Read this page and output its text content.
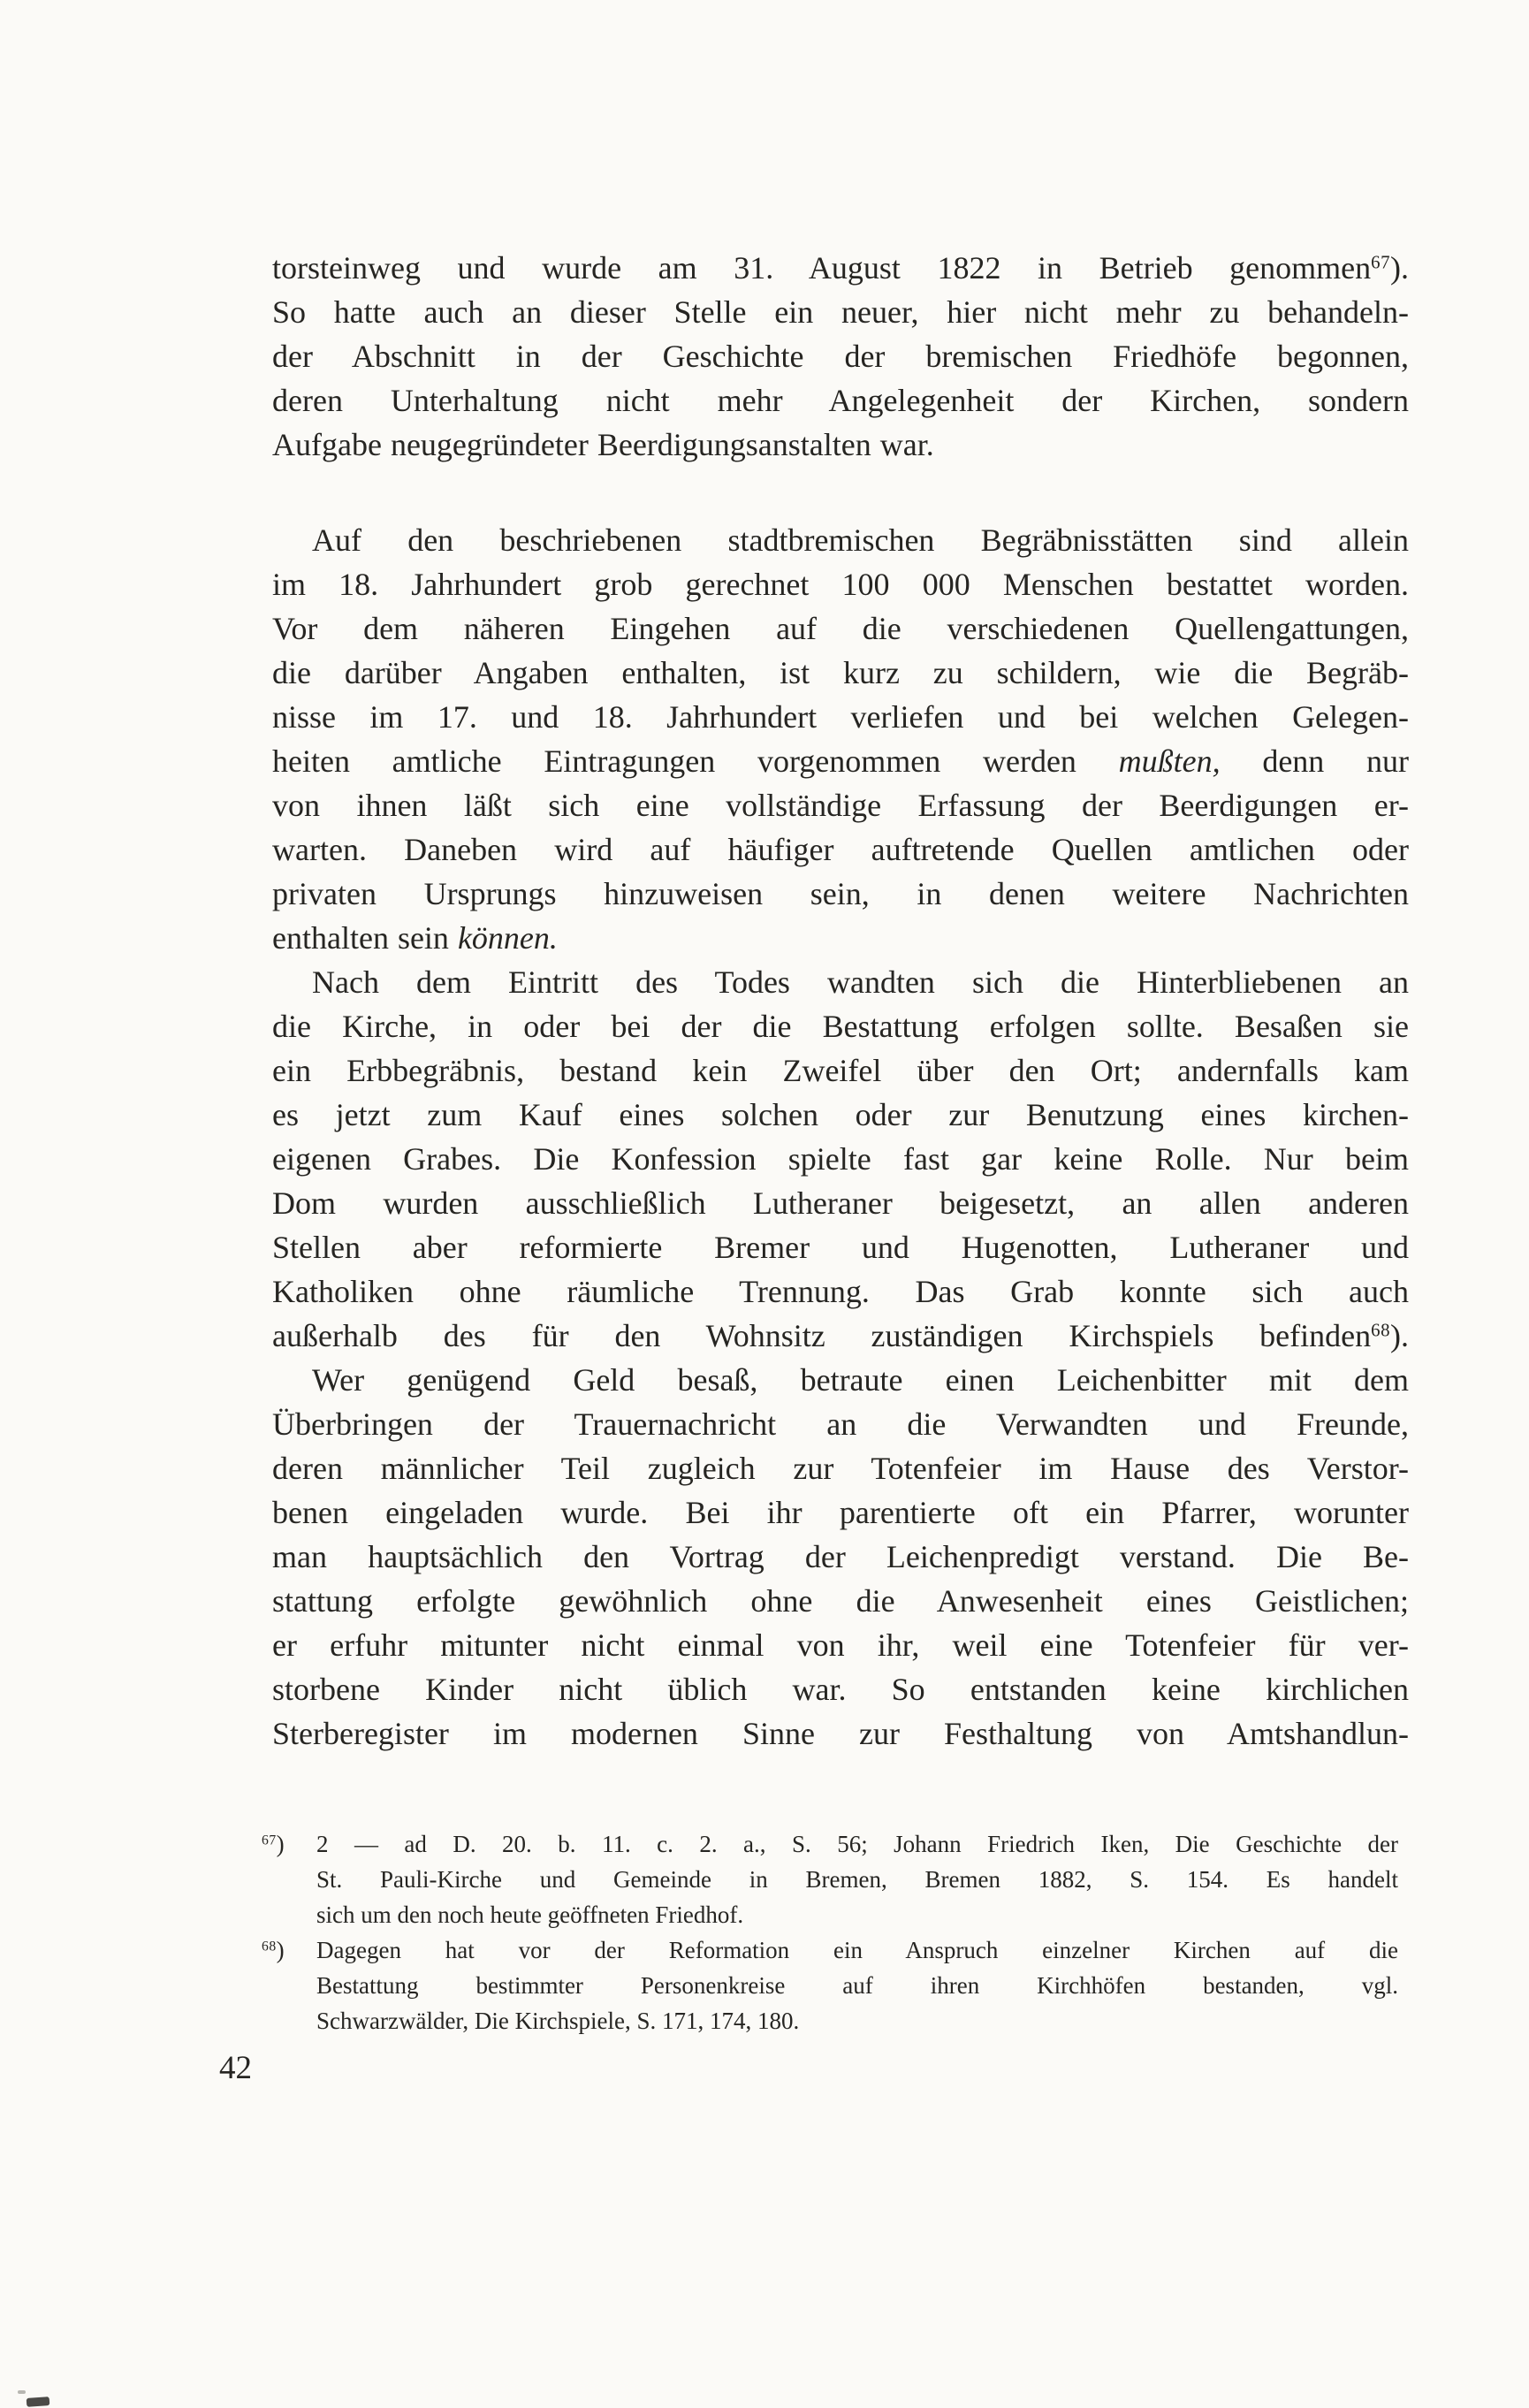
torsteinweg und wurde am 31. August 1822 in Betrieb genommen$^{67}$).
So hatte auch an dieser Stelle ein neuer, hier nicht mehr zu behandeln-
der Abschnitt in der Geschichte der bremischen Friedhöfe begonnen,
deren Unterhaltung nicht mehr Angelegenheit der Kirchen, sondern
Aufgabe neugegründeter Beerdigungsanstalten war.
Auf den beschriebenen stadtbremischen Begräbnisstätten sind allein
im 18. Jahrhundert grob gerechnet 100 000 Menschen bestattet worden.
Vor dem näheren Eingehen auf die verschiedenen Quellengattungen,
die darüber Angaben enthalten, ist kurz zu schildern, wie die Begräb-
nisse im 17. und 18. Jahrhundert verliefen und bei welchen Gelegen-
heiten amtliche Eintragungen vorgenommen werden mußten, denn nur
von ihnen läßt sich eine vollständige Erfassung der Beerdigungen er-
warten. Daneben wird auf häufiger auftretende Quellen amtlichen oder
privaten Ursprungs hinzuweisen sein, in denen weitere Nachrichten
enthalten sein können.
Nach dem Eintritt des Todes wandten sich die Hinterbliebenen an
die Kirche, in oder bei der die Bestattung erfolgen sollte. Besaßen sie
ein Erbbegräbnis, bestand kein Zweifel über den Ort; andernfalls kam
es jetzt zum Kauf eines solchen oder zur Benutzung eines kirchen-
eigenen Grabes. Die Konfession spielte fast gar keine Rolle. Nur beim
Dom wurden ausschließlich Lutheraner beigesetzt, an allen anderen
Stellen aber reformierte Bremer und Hugenotten, Lutheraner und
Katholiken ohne räumliche Trennung. Das Grab konnte sich auch
außerhalb des für den Wohnsitz zuständigen Kirchspiels befinden$^{68}$).
Wer genügend Geld besaß, betraute einen Leichenbitter mit dem
Überbringen der Trauernachricht an die Verwandten und Freunde,
deren männlicher Teil zugleich zur Totenfeier im Hause des Verstor-
benen eingeladen wurde. Bei ihr parentierte oft ein Pfarrer, worunter
man hauptsächlich den Vortrag der Leichenpredigt verstand. Die Be-
stattung erfolgte gewöhnlich ohne die Anwesenheit eines Geistlichen;
er erfuhr mitunter nicht einmal von ihr, weil eine Totenfeier für ver-
storbene Kinder nicht üblich war. So entstanden keine kirchlichen
Sterberegister im modernen Sinne zur Festhaltung von Amtshandlun-
$^{67}$) 2 — ad D. 20. b. 11. c. 2. a., S. 56; Johann Friedrich Iken, Die Geschichte der
St. Pauli-Kirche und Gemeinde in Bremen, Bremen 1882, S. 154. Es handelt
sich um den noch heute geöffneten Friedhof.
$^{68}$) Dagegen hat vor der Reformation ein Anspruch einzelner Kirchen auf die
Bestattung bestimmter Personenkreise auf ihren Kirchhöfen bestanden, vgl.
Schwarzwälder, Die Kirchspiele, S. 171, 174, 180.
42
